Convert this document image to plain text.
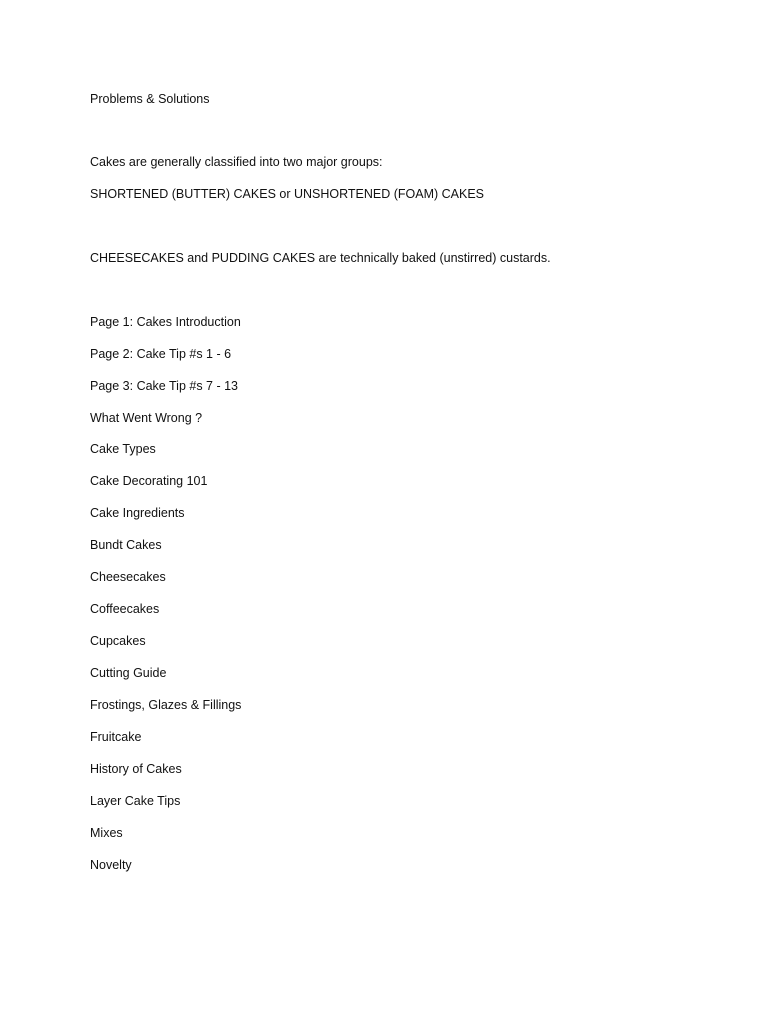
Problems & Solutions
Cakes are generally classified into two major groups:
SHORTENED (BUTTER) CAKES or UNSHORTENED (FOAM) CAKES
CHEESECAKES and PUDDING CAKES are technically baked (unstirred) custards.
Page 1: Cakes Introduction
Page 2: Cake Tip #s 1 - 6
Page 3: Cake Tip #s 7 - 13
What Went Wrong ?
Cake Types
Cake Decorating 101
Cake Ingredients
Bundt Cakes
Cheesecakes
Coffeecakes
Cupcakes
Cutting Guide
Frostings, Glazes & Fillings
Fruitcake
History of Cakes
Layer Cake Tips
Mixes
Novelty
